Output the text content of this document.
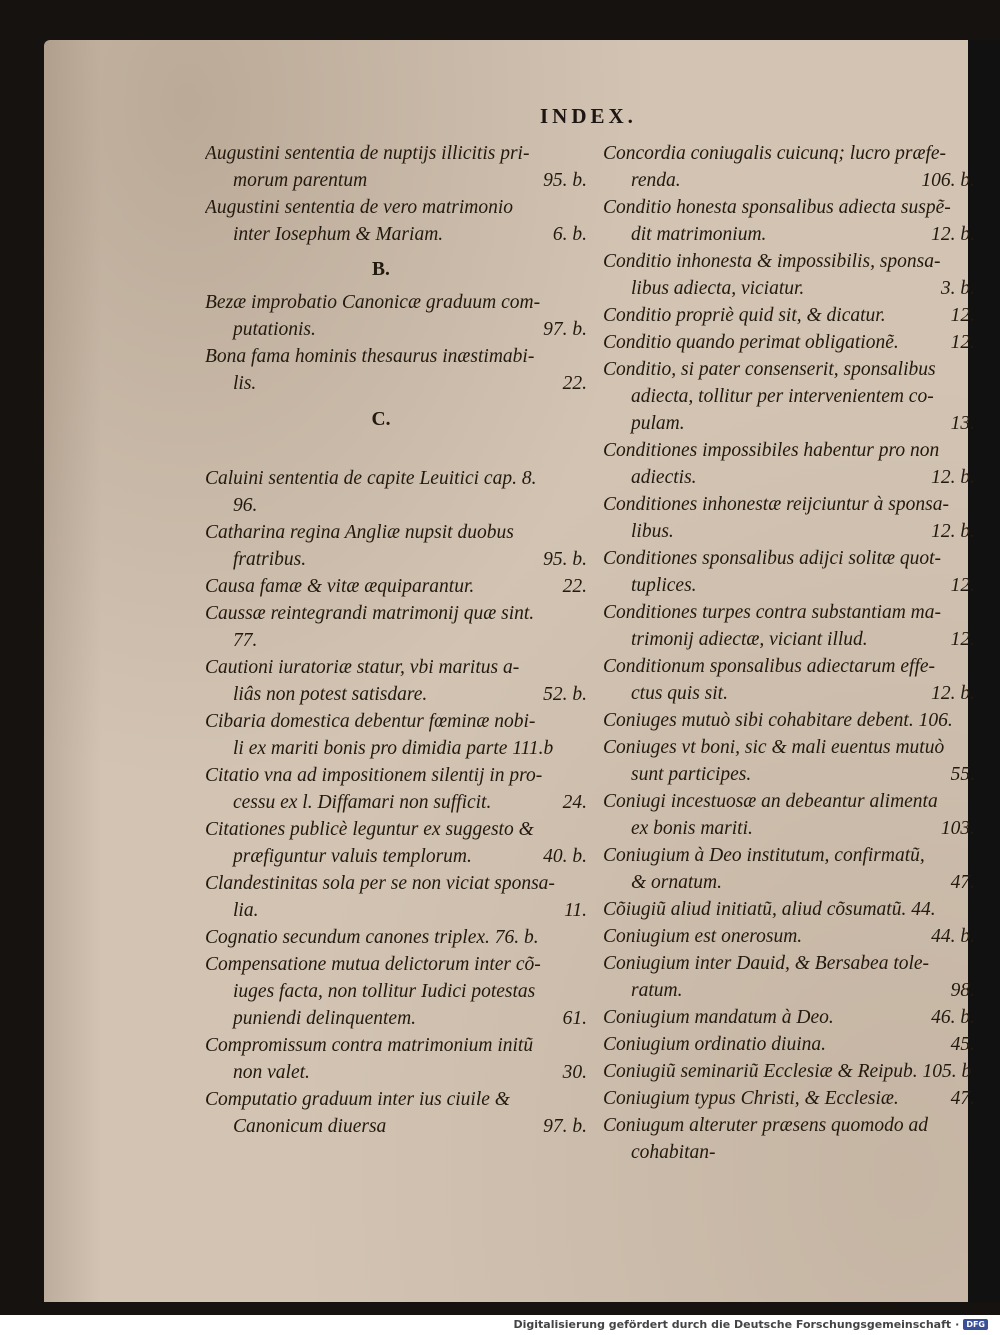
INDEX.
Augustini sententia de nuptijs illicitis pri-
morum parentum	95. b.
Augustini sententia de vero matrimonio
inter Iosephum & Mariam.	6. b.
B.
Bezæ improbatio Canonicæ graduum com-
putationis.	97. b.
Bona fama hominis thesaurus inæstimabi-
lis.	22.
C.
Caluini sententia de capite Leuitici cap. 8.
96.
Catharina regina Angliæ nupsit duobus
fratribus.	95. b.
Causa famæ & vitæ æquiparantur.	22.
Caussæ reintegrandi matrimonij quæ sint.
77.
Cautioni iuratoriæ statur, vbi maritus a-
liâs non potest satisdare.	52. b.
Cibaria domestica debentur fœminæ nobi-
li ex mariti bonis pro dimidia parte 111.b
Citatio vna ad impositionem silentij in pro-
cessu ex l. Diffamari non sufficit.	24.
Citationes publicè leguntur ex suggesto &
præfiguntur valuis templorum.	40. b.
Clandestinitas sola per se non viciat sponsa-
lia.	11.
Cognatio secundum canones triplex. 76. b.
Compensatione mutua delictorum inter cõ-
iuges facta, non tollitur Iudici potestas
puniendi delinquentem.	61.
Compromissum contra matrimonium initũ
non valet.	30.
Computatio graduum inter ius ciuile &
Canonicum diuersa	97. b.
Concordia coniugalis cuicunq; lucro præfe-
renda.	106. b.
Conditio honesta sponsalibus adiecta suspẽ-
dit matrimonium.	12. b.
Conditio inhonesta & impossibilis, sponsa-
libus adiecta, viciatur.	3. b.
Conditio propriè quid sit, & dicatur.	12.
Conditio quando perimat obligationẽ.	12.
Conditio, si pater consenserit, sponsalibus
adiecta, tollitur per intervenientem co-
pulam.	13.
Conditiones impossibiles habentur pro non
adiectis.	12. b.
Conditiones inhonestæ reijciuntur à sponsa-
libus.	12. b.
Conditiones sponsalibus adijci solitæ quot-
tuplices.	12.
Conditiones turpes contra substantiam ma-
trimonij adiectæ, viciant illud.	12.
Conditionum sponsalibus adiectarum effe-
ctus quis sit.	12. b.
Coniuges mutuò sibi cohabitare debent. 106.
Coniuges vt boni, sic & mali euentus mutuò
sunt participes.	55.
Coniugi incestuosæ an debeantur alimenta
ex bonis mariti.	103.
Coniugium à Deo institutum, confirmatũ,
& ornatum.	47.
Cõiugiũ aliud initiatũ, aliud cõsumatũ. 44.
Coniugium est onerosum.	44. b.
Coniugium inter Dauid, & Bersabea tole-
ratum.	98.
Coniugium mandatum à Deo.	46. b.
Coniugium ordinatio diuina.	45.
Coniugiũ seminariũ Ecclesiæ & Reipub. 105. b
Coniugium typus Christi, & Ecclesiæ.	47.
Coniugum alteruter præsens quomodo ad
cohabitan-
Digitalisierung gefördert durch die Deutsche Forschungsgemeinschaft · DFG
